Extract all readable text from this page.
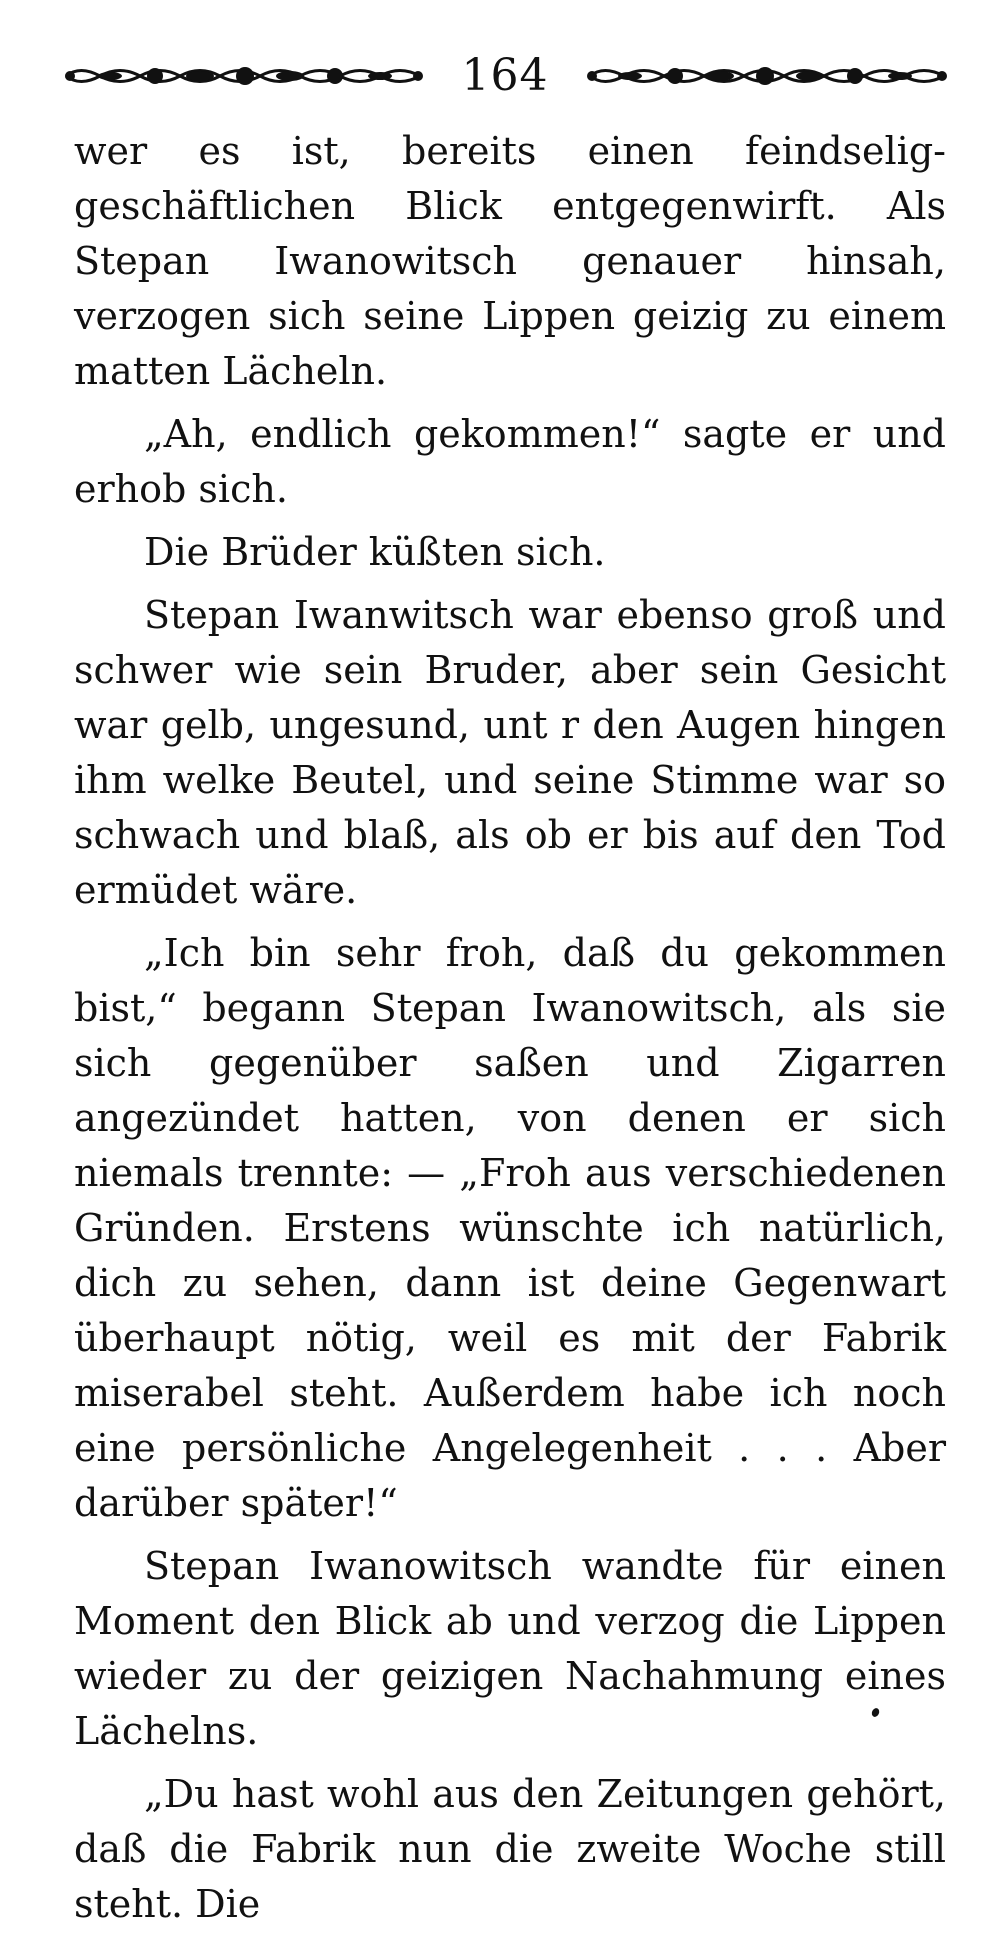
164

wer es ist, bereits einen feindselig-geschäftlichen Blick entgegenwirft. Als Stepan Iwanowitsch genauer hinsah, verzogen sich seine Lippen geizig zu einem matten Lächeln.

„Ah, endlich gekommen!“ sagte er und erhob sich.

Die Brüder küßten sich.

Stepan Iwanwitsch war ebenso groß und schwer wie sein Bruder, aber sein Gesicht war gelb, ungesund, unt r den Augen hingen ihm welke Beutel, und seine Stimme war so schwach und blaß, als ob er bis auf den Tod ermüdet wäre.

„Ich bin sehr froh, daß du gekommen bist,“ begann Stepan Iwanowitsch, als sie sich gegenüber saßen und Zigarren angezündet hatten, von denen er sich niemals trennte: — „Froh aus verschiedenen Gründen. Erstens wünschte ich natürlich, dich zu sehen, dann ist deine Gegenwart überhaupt nötig, weil es mit der Fabrik miserabel steht. Außerdem habe ich noch eine persönliche Angelegenheit . . . Aber darüber später!“

Stepan Iwanowitsch wandte für einen Moment den Blick ab und verzog die Lippen wieder zu der geizigen Nachahmung eines Lächelns.

„Du hast wohl aus den Zeitungen gehört, daß die Fabrik nun die zweite Woche still steht. Die
